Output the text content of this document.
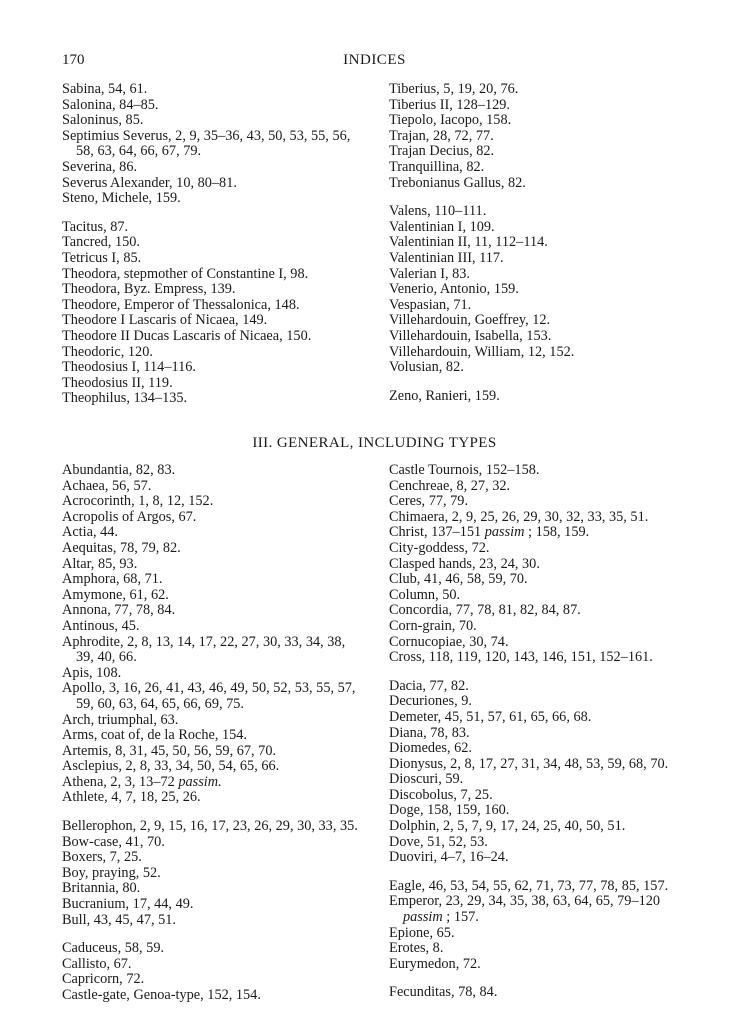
170	INDICES
Sabina, 54, 61.
Salonina, 84–85.
Saloninus, 85.
Septimius Severus, 2, 9, 35–36, 43, 50, 53, 55, 56,
58, 63, 64, 66, 67, 79.
Severina, 86.
Severus Alexander, 10, 80–81.
Steno, Michele, 159.
Tacitus, 87.
Tancred, 150.
Tetricus I, 85.
Theodora, stepmother of Constantine I, 98.
Theodora, Byz. Empress, 139.
Theodore, Emperor of Thessalonica, 148.
Theodore I Lascaris of Nicaea, 149.
Theodore II Ducas Lascaris of Nicaea, 150.
Theodoric, 120.
Theodosius I, 114–116.
Theodosius II, 119.
Theophilus, 134–135.
Tiberius, 5, 19, 20, 76.
Tiberius II, 128–129.
Tiepolo, Iacopo, 158.
Trajan, 28, 72, 77.
Trajan Decius, 82.
Tranquillina, 82.
Trebonianus Gallus, 82.
Valens, 110–111.
Valentinian I, 109.
Valentinian II, 11, 112–114.
Valentinian III, 117.
Valerian I, 83.
Venerio, Antonio, 159.
Vespasian, 71.
Villehardouin, Goeffrey, 12.
Villehardouin, Isabella, 153.
Villehardouin, William, 12, 152.
Volusian, 82.
Zeno, Ranieri, 159.
III. GENERAL, INCLUDING TYPES
Abundantia, 82, 83.
Achaea, 56, 57.
Acrocorinth, 1, 8, 12, 152.
Acropolis of Argos, 67.
Actia, 44.
Aequitas, 78, 79, 82.
Altar, 85, 93.
Amphora, 68, 71.
Amymone, 61, 62.
Annona, 77, 78, 84.
Antinous, 45.
Aphrodite, 2, 8, 13, 14, 17, 22, 27, 30, 33, 34, 38,
39, 40, 66.
Apis, 108.
Apollo, 3, 16, 26, 41, 43, 46, 49, 50, 52, 53, 55, 57,
59, 60, 63, 64, 65, 66, 69, 75.
Arch, triumphal, 63.
Arms, coat of, de la Roche, 154.
Artemis, 8, 31, 45, 50, 56, 59, 67, 70.
Asclepius, 2, 8, 33, 34, 50, 54, 65, 66.
Athena, 2, 3, 13–72 passim.
Athlete, 4, 7, 18, 25, 26.
Bellerophon, 2, 9, 15, 16, 17, 23, 26, 29, 30, 33, 35.
Bow-case, 41, 70.
Boxers, 7, 25.
Boy, praying, 52.
Britannia, 80.
Bucranium, 17, 44, 49.
Bull, 43, 45, 47, 51.
Caduceus, 58, 59.
Callisto, 67.
Capricorn, 72.
Castle-gate, Genoa-type, 152, 154.
Castle Tournois, 152–158.
Cenchreae, 8, 27, 32.
Ceres, 77, 79.
Chimaera, 2, 9, 25, 26, 29, 30, 32, 33, 35, 51.
Christ, 137–151 passim ; 158, 159.
City-goddess, 72.
Clasped hands, 23, 24, 30.
Club, 41, 46, 58, 59, 70.
Column, 50.
Concordia, 77, 78, 81, 82, 84, 87.
Corn-grain, 70.
Cornucopiae, 30, 74.
Cross, 118, 119, 120, 143, 146, 151, 152–161.
Dacia, 77, 82.
Decuriones, 9.
Demeter, 45, 51, 57, 61, 65, 66, 68.
Diana, 78, 83.
Diomedes, 62.
Dionysus, 2, 8, 17, 27, 31, 34, 48, 53, 59, 68, 70.
Dioscuri, 59.
Discobolus, 7, 25.
Doge, 158, 159, 160.
Dolphin, 2, 5, 7, 9, 17, 24, 25, 40, 50, 51.
Dove, 51, 52, 53.
Duoviri, 4–7, 16–24.
Eagle, 46, 53, 54, 55, 62, 71, 73, 77, 78, 85, 157.
Emperor, 23, 29, 34, 35, 38, 63, 64, 65, 79–120
passim ; 157.
Epione, 65.
Erotes, 8.
Eurymedon, 72.
Fecunditas, 78, 84.
